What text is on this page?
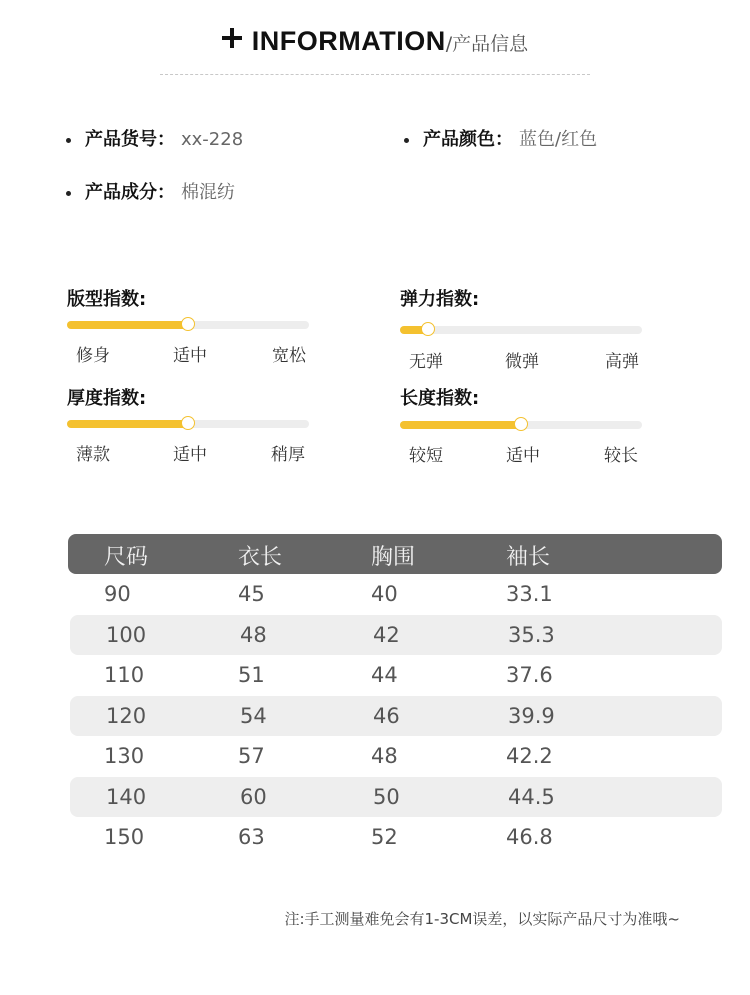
INFORMATION/产品信息
产品货号： xx-228	产品颜色： 蓝色/红色
产品成分： 棉混纺
版型指数:
修身	适中	宽松
弹力指数:
无弹	微弹	高弹
厚度指数:
薄款	适中	稍厚
长度指数:
较短	适中	较长
尺码	衣长	胸围	袖长
90	45	40	33.1
100	48	42	35.3
110	51	44	37.6
120	54	46	39.9
130	57	48	42.2
140	60	50	44.5
150	63	52	46.8
注:手工测量难免会有1-3CM误差，以实际产品尺寸为准哦~
